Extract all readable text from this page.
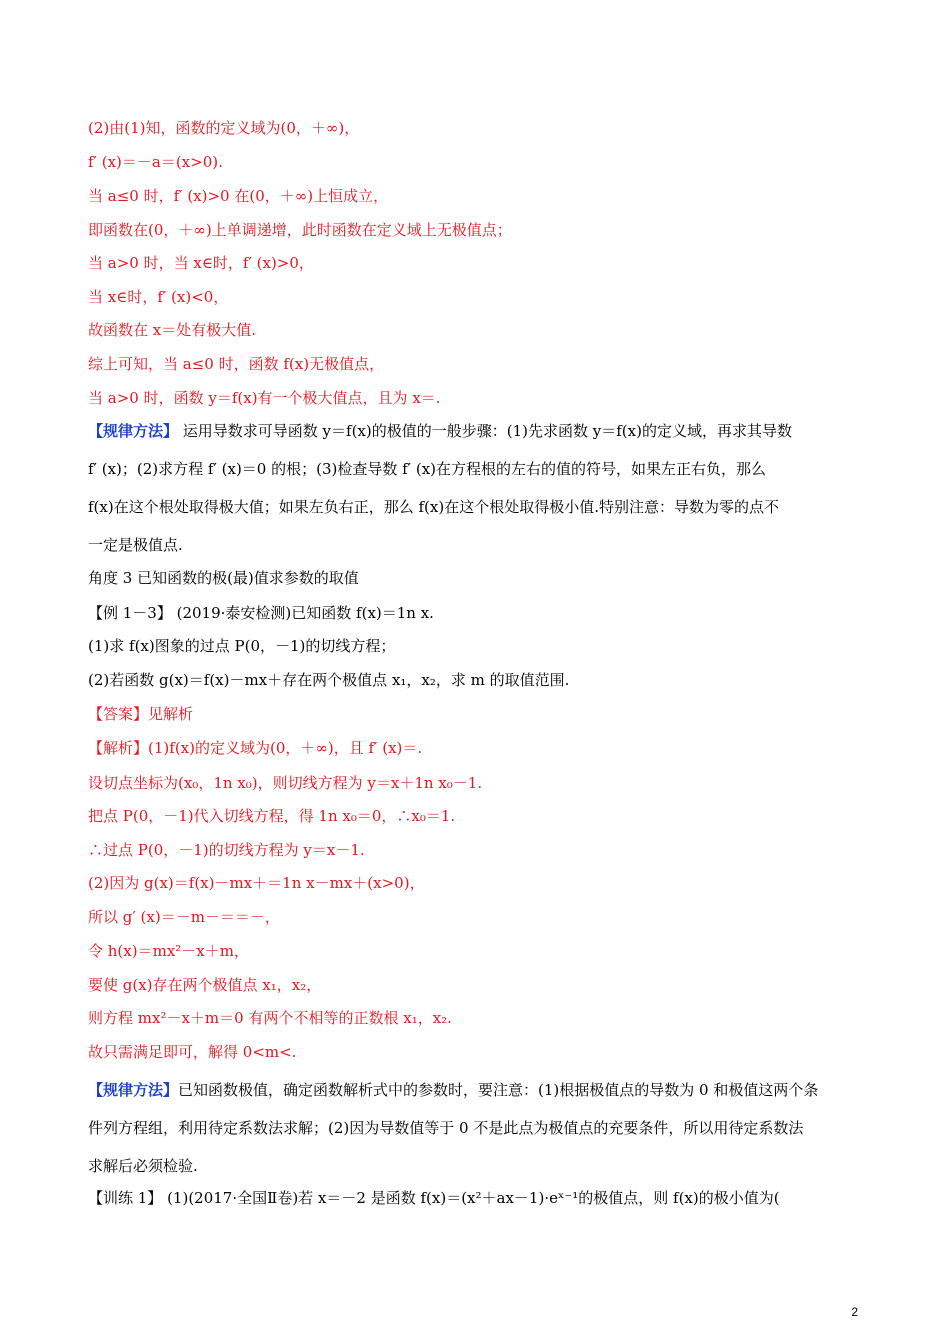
(2)由(1)知，函数的定义域为(0，＋∞)，
f′ (x)＝－a＝(x>0).
当 a≤0 时，f′ (x)>0 在(0，＋∞)上恒成立，
即函数在(0，＋∞)上单调递增，此时函数在定义域上无极值点；
当 a>0 时，当 x∈时，f′ (x)>0，
当 x∈时，f′ (x)<0，
故函数在 x＝处有极大值.
综上可知，当 a≤0 时，函数 f(x)无极值点，
当 a>0 时，函数 y＝f(x)有一个极大值点，且为 x＝.
【规律方法】 运用导数求可导函数 y＝f(x)的极值的一般步骤：(1)先求函数 y＝f(x)的定义域，再求其导数
f′ (x)；(2)求方程 f′ (x)＝0 的根；(3)检查导数 f′ (x)在方程根的左右的值的符号，如果左正右负，那么
f(x)在这个根处取得极大值；如果左负右正，那么 f(x)在这个根处取得极小值.特别注意：导数为零的点不
一定是极值点.
角度 3 已知函数的极(最)值求参数的取值
【例 1－3】 (2019·泰安检测)已知函数 f(x)＝1n x.
(1)求 f(x)图象的过点 P(0，－1)的切线方程；
(2)若函数 g(x)＝f(x)－mx＋存在两个极值点 x₁，x₂，求 m 的取值范围.
【答案】见解析
【解析】(1)f(x)的定义域为(0，＋∞)，且 f′ (x)＝.
设切点坐标为(x₀，1n x₀)，则切线方程为 y＝x＋1n x₀－1.
把点 P(0，－1)代入切线方程，得 1n x₀＝0，∴x₀＝1.
∴过点 P(0，－1)的切线方程为 y＝x－1.
(2)因为 g(x)＝f(x)－mx＋＝1n x－mx＋(x>0)，
所以 g′ (x)＝－m－＝＝－，
令 h(x)＝mx²－x＋m，
要使 g(x)存在两个极值点 x₁，x₂，
则方程 mx²－x＋m＝0 有两个不相等的正数根 x₁，x₂.
故只需满足即可，解得 0<m<.
【规律方法】已知函数极值，确定函数解析式中的参数时，要注意：(1)根据极值点的导数为 0 和极值这两个条
件列方程组，利用待定系数法求解；(2)因为导数值等于 0 不是此点为极值点的充要条件，所以用待定系数法
求解后必须检验.
【训练 1】 (1)(2017·全国Ⅱ卷)若 x＝－2 是函数 f(x)＝(x²＋ax－1)·eˣ⁻¹的极值点，则 f(x)的极小值为(
2
